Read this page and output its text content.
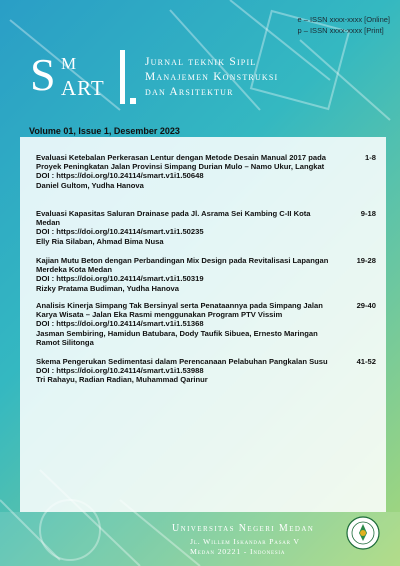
e – ISSN xxxx-xxxx [Online]
p – ISSN xxxx-xxxx [Print]
S M
ART
Jurnal teknik Sipil
Manajemen Konstruksi
dan Arsitektur
Volume 01, Issue 1, Desember 2023
Evaluasi Ketebalan Perkerasan Lentur dengan Metode Desain Manual 2017 pada Proyek Peningkatan Jalan Provinsi Simpang Durian Mulo – Namo Ukur, Langkat
DOI : https://doi.org/10.24114/smart.v1i1.50648
Daniel Gultom, Yudha Hanova
1-8
Evaluasi Kapasitas Saluran Drainase pada Jl. Asrama Sei Kambing C-II Kota Medan
DOI : https://doi.org/10.24114/smart.v1i1.50235
Elly Ria Silaban, Ahmad Bima Nusa
9-18
Kajian Mutu Beton dengan Perbandingan Mix Design pada Revitalisasi Lapangan Merdeka Kota Medan
DOI : https://doi.org/10.24114/smart.v1i1.50319
Rizky Pratama Budiman, Yudha Hanova
19-28
Analisis Kinerja Simpang Tak Bersinyal serta Penataannya pada Simpang Jalan Karya Wisata – Jalan Eka Rasmi menggunakan Program PTV Vissim
DOI : https://doi.org/10.24114/smart.v1i1.51368
Jasman Sembiring, Hamidun Batubara, Dody Taufik Sibuea, Ernesto Maringan Ramot Silitonga
29-40
Skema Pengerukan Sedimentasi dalam Perencanaan Pelabuhan Pangkalan Susu
DOI : https://doi.org/10.24114/smart.v1i1.53988
Tri Rahayu, Radian Radian, Muhammad Qarinur
41-52
Universitas Negeri Medan
Jl. Willem Iskandar Pasar V
Medan 20221 - Indonesia
